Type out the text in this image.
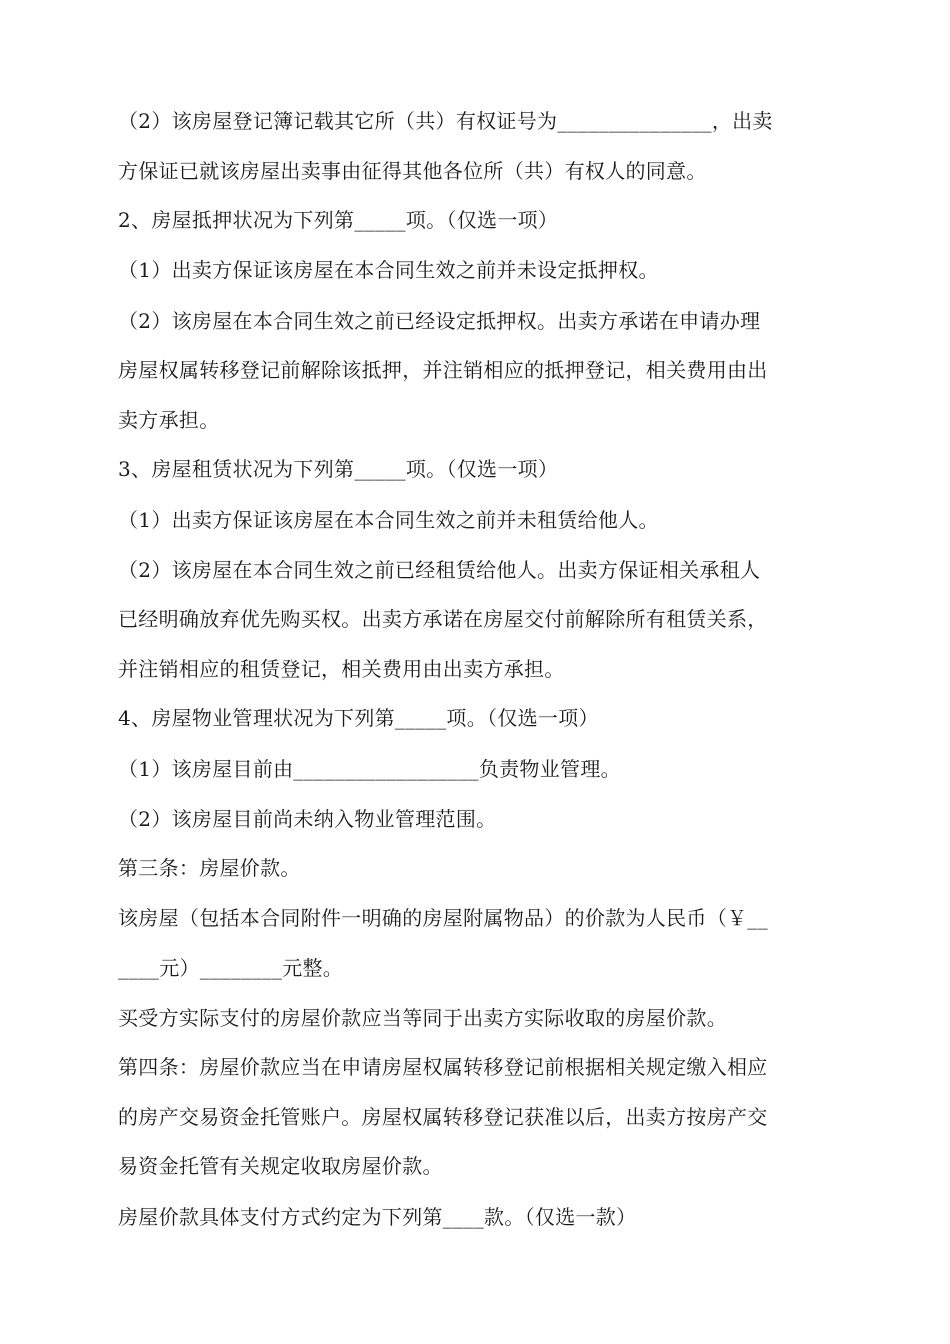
（2）该房屋登记簿记载其它所（共）有权证号为_______________，出卖

方保证已就该房屋出卖事由征得其他各位所（共）有权人的同意。

2、房屋抵押状况为下列第_____项。（仅选一项）

（1）出卖方保证该房屋在本合同生效之前并未设定抵押权。

（2）该房屋在本合同生效之前已经设定抵押权。出卖方承诺在申请办理

房屋权属转移登记前解除该抵押，并注销相应的抵押登记，相关费用由出

卖方承担。

3、房屋租赁状况为下列第_____项。（仅选一项）

（1）出卖方保证该房屋在本合同生效之前并未租赁给他人。

（2）该房屋在本合同生效之前已经租赁给他人。出卖方保证相关承租人

已经明确放弃优先购买权。出卖方承诺在房屋交付前解除所有租赁关系，

并注销相应的租赁登记，相关费用由出卖方承担。

4、房屋物业管理状况为下列第_____项。（仅选一项）

（1）该房屋目前由__________________负责物业管理。

（2）该房屋目前尚未纳入物业管理范围。

第三条：房屋价款。

该房屋（包括本合同附件一明确的房屋附属物品）的价款为人民币（￥__

____元）________元整。

买受方实际支付的房屋价款应当等同于出卖方实际收取的房屋价款。

第四条：房屋价款应当在申请房屋权属转移登记前根据相关规定缴入相应

的房产交易资金托管账户。房屋权属转移登记获准以后，出卖方按房产交

易资金托管有关规定收取房屋价款。

房屋价款具体支付方式约定为下列第____款。（仅选一款）
